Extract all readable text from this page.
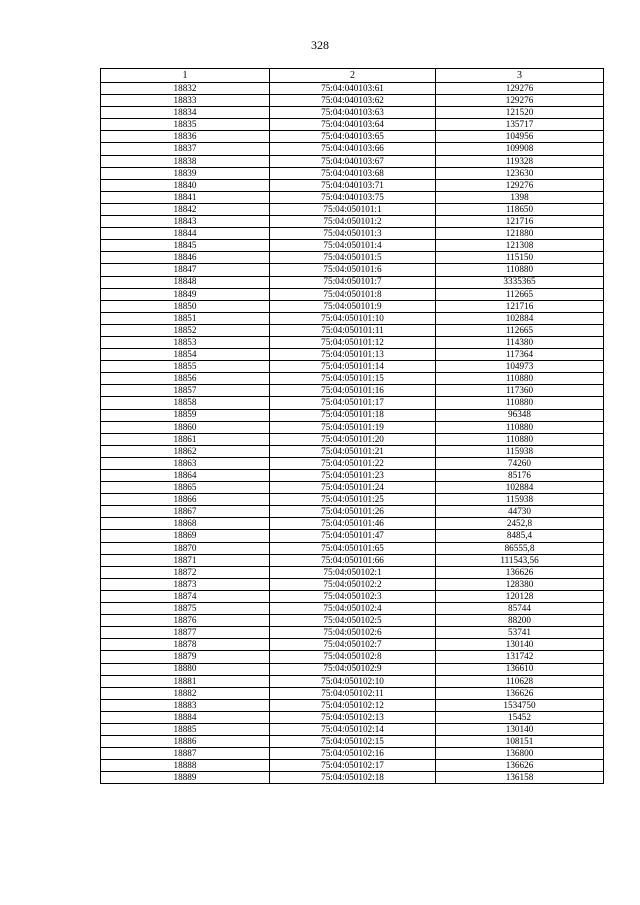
328
1	2	3
18832	75:04:040103:61	129276
18833	75:04:040103:62	129276
18834	75:04:040103:63	121520
18835	75:04:040103:64	135717
18836	75:04:040103:65	104956
18837	75:04:040103:66	109908
18838	75:04:040103:67	119328
18839	75:04:040103:68	123630
18840	75:04:040103:71	129276
18841	75:04:040103:75	1398
18842	75:04:050101:1	118650
18843	75:04:050101:2	121716
18844	75:04:050101:3	121880
18845	75:04:050101:4	121308
18846	75:04:050101:5	115150
18847	75:04:050101:6	110880
18848	75:04:050101:7	3335365
18849	75:04:050101:8	112665
18850	75:04:050101:9	121716
18851	75:04:050101:10	102884
18852	75:04:050101:11	112665
18853	75:04:050101:12	114380
18854	75:04:050101:13	117364
18855	75:04:050101:14	104973
18856	75:04:050101:15	110880
18857	75:04:050101:16	117360
18858	75:04:050101:17	110880
18859	75:04:050101:18	96348
18860	75:04:050101:19	110880
18861	75:04:050101:20	110880
18862	75:04:050101:21	115938
18863	75:04:050101:22	74260
18864	75:04:050101:23	85176
18865	75:04:050101:24	102884
18866	75:04:050101:25	115938
18867	75:04:050101:26	44730
18868	75:04:050101:46	2452,8
18869	75:04:050101:47	8485,4
18870	75:04:050101:65	86555,8
18871	75:04:050101:66	111543,56
18872	75:04:050102:1	136626
18873	75:04:050102:2	128380
18874	75:04:050102:3	120128
18875	75:04:050102:4	85744
18876	75:04:050102:5	88200
18877	75:04:050102:6	53741
18878	75:04:050102:7	130140
18879	75:04:050102:8	131742
18880	75:04:050102:9	136610
18881	75:04:050102:10	110628
18882	75:04:050102:11	136626
18883	75:04:050102:12	1534750
18884	75:04:050102:13	15452
18885	75:04:050102:14	130140
18886	75:04:050102:15	108151
18887	75:04:050102:16	136800
18888	75:04:050102:17	136626
18889	75:04:050102:18	136158
